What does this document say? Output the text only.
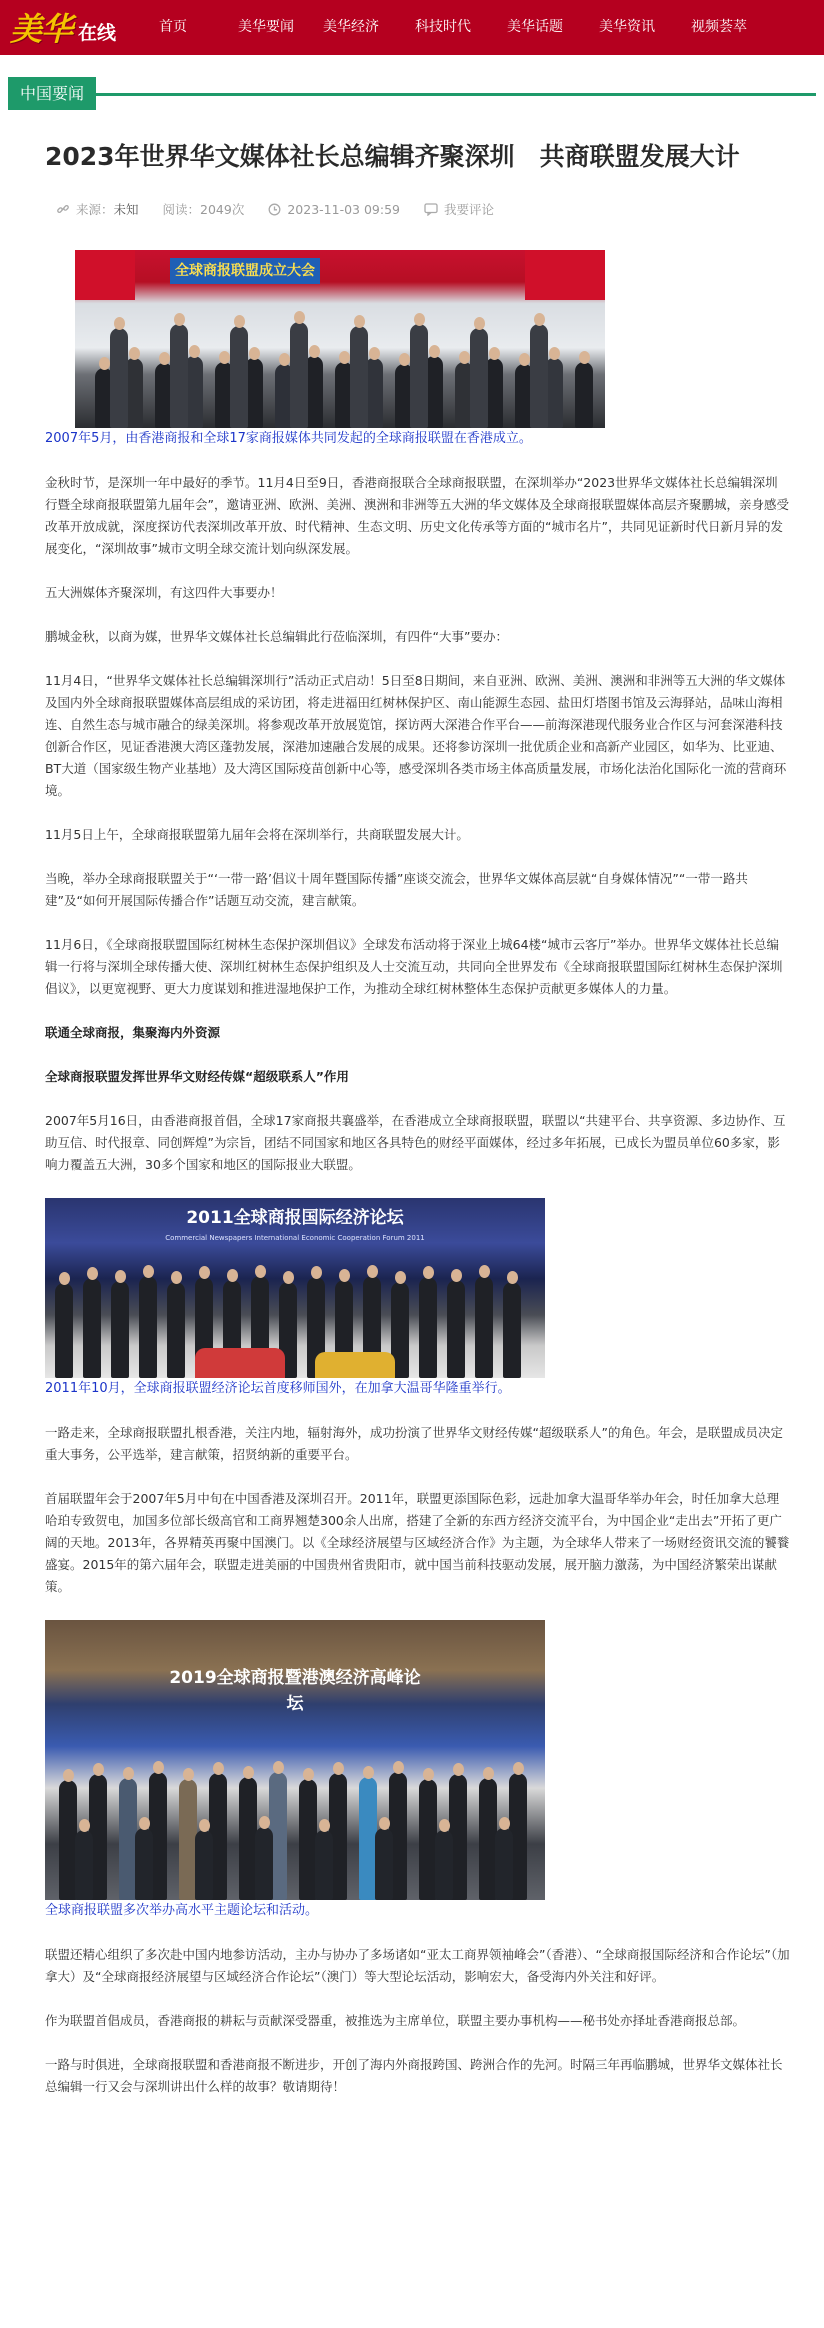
美华 在线	首页	美华要闻	美华经济	科技时代	美华话题	美华资讯	视频荟萃
中国要闻
2023年世界华文媒体社长总编辑齐聚深圳　共商联盟发展大计
来源： 未知 阅读：2049次	2023-11-03 09:59	我要评论
全球商报联盟成立大会

2007年5月，由香港商报和全球17家商报媒体共同发起的全球商报联盟在香港成立。

金秋时节，是深圳一年中最好的季节。11月4日至9日，香港商报联合全球商报联盟，在深圳举办“2023世界华文媒体社长总编辑深圳行暨全球商报联盟第九届年会”，邀请亚洲、欧洲、美洲、澳洲和非洲等五大洲的华文媒体及全球商报联盟媒体高层齐聚鹏城，亲身感受改革开放成就，深度探访代表深圳改革开放、时代精神、生态文明、历史文化传承等方面的“城市名片”，共同见证新时代日新月异的发展变化，“深圳故事”城市文明全球交流计划向纵深发展。

五大洲媒体齐聚深圳，有这四件大事要办！

鹏城金秋，以商为媒，世界华文媒体社长总编辑此行莅临深圳，有四件“大事”要办：

11月4日，“世界华文媒体社长总编辑深圳行”活动正式启动！5日至8日期间，来自亚洲、欧洲、美洲、澳洲和非洲等五大洲的华文媒体及国内外全球商报联盟媒体高层组成的采访团，将走进福田红树林保护区、南山能源生态园、盐田灯塔图书馆及云海驿站，品味山海相连、自然生态与城市融合的绿美深圳。将参观改革开放展览馆，探访两大深港合作平台——前海深港现代服务业合作区与河套深港科技创新合作区，见证香港澳大湾区蓬勃发展，深港加速融合发展的成果。还将参访深圳一批优质企业和高新产业园区，如华为、比亚迪、BT大道（国家级生物产业基地）及大湾区国际疫苗创新中心等，感受深圳各类市场主体高质量发展，市场化法治化国际化一流的营商环境。

11月5日上午，全球商报联盟第九届年会将在深圳举行，共商联盟发展大计。

当晚，举办全球商报联盟关于“‘一带一路’倡议十周年暨国际传播”座谈交流会，世界华文媒体高层就“自身媒体情况”“一带一路共建”及“如何开展国际传播合作”话题互动交流，建言献策。

11月6日，《全球商报联盟国际红树林生态保护深圳倡议》全球发布活动将于深业上城64楼“城市云客厅”举办。世界华文媒体社长总编辑一行将与深圳全球传播大使、深圳红树林生态保护组织及人士交流互动，共同向全世界发布《全球商报联盟国际红树林生态保护深圳倡议》，以更宽视野、更大力度谋划和推进湿地保护工作，为推动全球红树林整体生态保护贡献更多媒体人的力量。

联通全球商报，集聚海内外资源

全球商报联盟发挥世界华文财经传媒“超级联系人”作用

2007年5月16日，由香港商报首倡，全球17家商报共襄盛举，在香港成立全球商报联盟，联盟以“共建平台、共享资源、多边协作、互助互信、时代报章、同创辉煌”为宗旨，团结不同国家和地区各具特色的财经平面媒体，经过多年拓展，已成长为盟员单位60多家，影响力覆盖五大洲，30多个国家和地区的国际报业大联盟。

2011全球商报国际经济论坛
Commercial Newspapers International Economic Cooperation Forum 2011

2011年10月，全球商报联盟经济论坛首度移师国外，在加拿大温哥华隆重举行。

一路走来，全球商报联盟扎根香港，关注内地，辐射海外，成功扮演了世界华文财经传媒“超级联系人”的角色。年会，是联盟成员决定重大事务，公平选举，建言献策，招贤纳新的重要平台。

首届联盟年会于2007年5月中旬在中国香港及深圳召开。2011年，联盟更添国际色彩，远赴加拿大温哥华举办年会，时任加拿大总理哈珀专致贺电，加国多位部长级高官和工商界翘楚300余人出席，搭建了全新的东西方经济交流平台，为中国企业“走出去”开拓了更广阔的天地。2013年，各界精英再聚中国澳门。以《全球经济展望与区域经济合作》为主题，为全球华人带来了一场财经资讯交流的饕餮盛宴。2015年的第六届年会，联盟走进美丽的中国贵州省贵阳市，就中国当前科技驱动发展，展开脑力激荡，为中国经济繁荣出谋献策。

2019全球商报暨港澳经济高峰论坛

全球商报联盟多次举办高水平主题论坛和活动。

联盟还精心组织了多次赴中国内地参访活动，主办与协办了多场诸如“亚太工商界领袖峰会”（香港）、“全球商报国际经济和合作论坛”（加拿大）及“全球商报经济展望与区域经济合作论坛”（澳门）等大型论坛活动，影响宏大，备受海内外关注和好评。

作为联盟首倡成员，香港商报的耕耘与贡献深受器重，被推选为主席单位，联盟主要办事机构——秘书处亦择址香港商报总部。

一路与时俱进，全球商报联盟和香港商报不断进步，开创了海内外商报跨国、跨洲合作的先河。时隔三年再临鹏城，世界华文媒体社长总编辑一行又会与深圳讲出什么样的故事？敬请期待！
